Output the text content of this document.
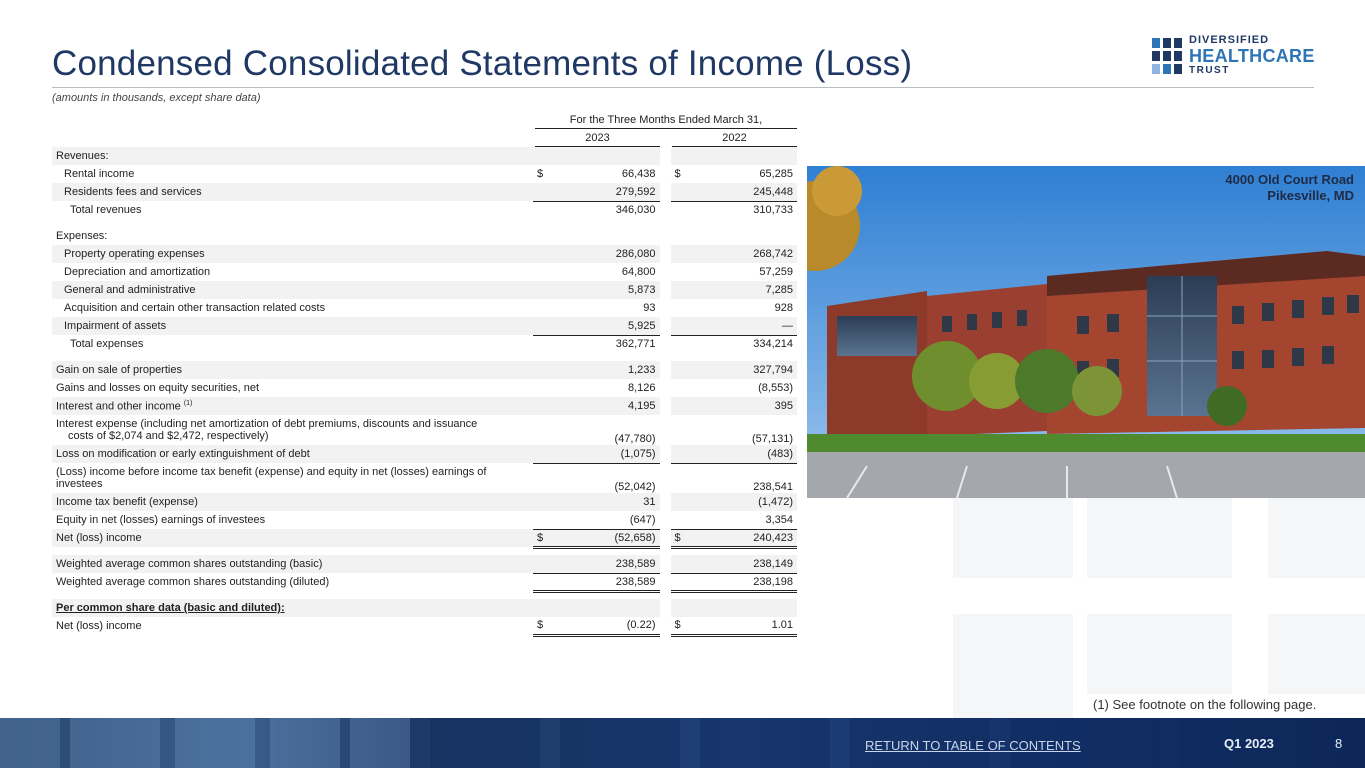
Condensed Consolidated Statements of Income (Loss)
DIVERSIFIED
HEALTHCARE
TRUST
(amounts in thousands, except share data)
For the Three Months Ended March 31,
2023	2022
Revenues:					
Rental income	$	66,438		$	65,285
Residents fees and services		279,592			245,448
Total revenues		346,030			310,733

Expenses:					
Property operating expenses		286,080			268,742
Depreciation and amortization		64,800			57,259
General and administrative		5,873			7,285
Acquisition and certain other transaction related costs		93			928
Impairment of assets		5,925			—
Total expenses		362,771			334,214

Gain on sale of properties		1,233			327,794
Gains and losses on equity securities, net		8,126			(8,553)
Interest and other income $^{(1)}$		4,195			395

Interest expense (including net amortization of debt premiums, discounts and issuance
costs of $2,074 and $2,472, respectively)		(47,780)			(57,131)
Loss on modification or early extinguishment of debt		(1,075)			(483)

(Loss) income before income tax benefit (expense) and equity in net (losses) earnings of
investees		(52,042)			238,541
Income tax benefit (expense)		31			(1,472)
Equity in net (losses) earnings of investees		(647)			3,354
Net (loss) income	$	(52,658)		$	240,423

Weighted average common shares outstanding (basic)		238,589			238,149
Weighted average common shares outstanding (diluted)		238,589			238,198

Per common share data (basic and diluted):					
Net (loss) income	$	(0.22)		$	1.01
4000 Old Court Road
Pikesville, MD
(1) See footnote on the following page.
RETURN TO TABLE OF CONTENTS	Q1 2023	8
